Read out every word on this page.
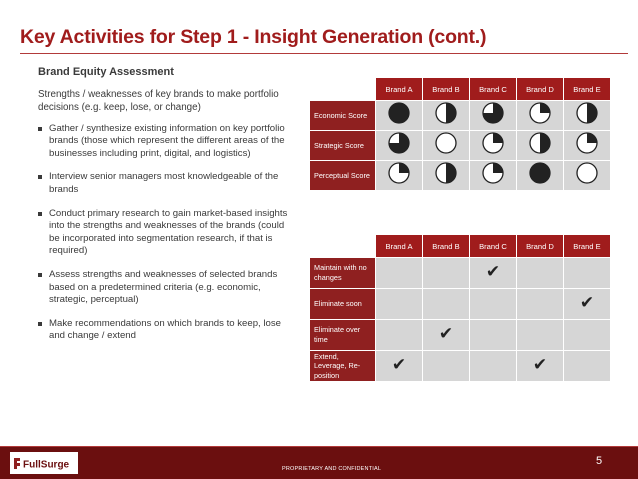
Key Activities for Step 1 - Insight Generation (cont.)
Brand Equity Assessment
Strengths / weaknesses of key brands to make portfolio decisions (e.g. keep, lose, or change)
Gather / synthesize existing information on key portfolio brands (those which represent the different areas of the businesses including print, digital, and logistics)
Interview senior managers most knowledgeable of the brands
Conduct primary research to gain market-based insights into the strengths and weaknesses of the brands (could be incorporated into segmentation research, if that is required)
Assess strengths and weaknesses of selected brands based on a predetermined criteria (e.g. economic, strategic, perceptual)
Make recommendations on which brands to keep, lose and change / extend
	Brand A	Brand B	Brand C	Brand D	Brand E
Economic Score					
Strategic Score					
Perceptual Score					
	Brand A	Brand B	Brand C	Brand D	Brand E
Maintain with no changes			✔		
Eliminate soon					✔
Eliminate over time		✔			
Extend, Leverage, Re-position	✔			✔	
FullSurge	PROPRIETARY AND CONFIDENTIAL
5
